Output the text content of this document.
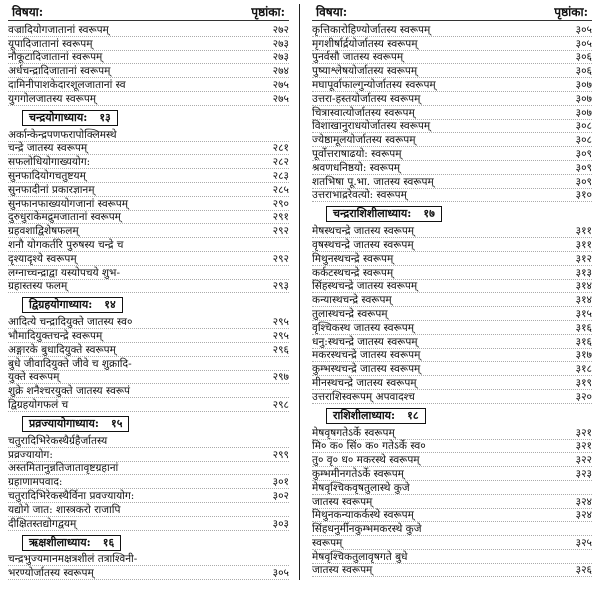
विषया:	पृष्ठांका:
वज्रादियोगजातानां स्वरूपम्	२७२
यूपादिजातानां स्वरूपम्	२७३
नौकूटादिजातानां स्वरूपम्	२७३
अर्धचन्द्रादिजातानां स्वरूपम्	२७४
दामिनीपाशकेदारशूलजातानां स्व	२७५
युगगोलजातस्य स्वरूपम्	२७५
चन्द्रयोगाध्याय: १३
अर्कान्केन्द्रपणफरापोक्लिमस्थे
चन्द्रे जातस्य स्वरूपम्	२८१
सफलोधियोगाख्ययोग:	२८२
सुनफादियोगचतुष्टयम्	२८३
सुनफादीनां प्रकारज्ञानम्	२८५
सुनफानफाख्ययोगजानां स्वरूपम्	२९०
दुरुधुराकेमद्रुमजातानां स्वरूपम्	२९१
ग्रहवशाद्विशेषफलम्	२९२
शनौ योगकर्तरि पुरुषस्य चन्द्रे च
दृश्यादृश्ये स्वरूपम्	२९२
लग्नाच्चन्द्राद्वा यस्योपचये शुभ-
ग्रहास्तस्य फलम्	२९३
द्विग्रहयोगाध्याय: १४
आदित्ये चन्द्रादियुक्ते जातस्य स्व०	२९५
भौमादियुक्तचन्द्रे स्वरूपम्	२९५
अङ्गारके बुधादियुक्ते स्वरूपम्	२९६
बुधे जीवादियुक्ते जीवे च शुक्रादि-
युक्ते स्वरूपम्	२९७
शुक्रे शनैश्चरयुक्ते जातस्य स्वरूपं
द्विग्रहयोगफलं च	२९८
प्रव्रज्यायोगाध्याय: १५
चतुरादिभिरेकस्थैर्ग्रहैर्जातस्य
प्रव्रज्यायोग:	२९९
अस्तमितानुन्नतिजातावृष्टग्रहानां
ग्रहाणामपवाद:	३०१
चतुरादिभिरेकस्थैर्विना प्रवज्यायोग:	३०२
यद्योगे जात: शास्त्रकरो राजापि
दीक्षितस्तद्योगद्वयम्	३०३
ऋक्षशीलाध्याय: १६
चन्द्रभुज्यमानमक्षत्रशीलं तत्राश्विनी-
भरण्योर्जातस्य स्वरूपम्	३०५
विषया:	पृष्ठांका:
कृत्तिकारोहिण्योर्जातस्य स्वरूपम्	३०५
मृगशीर्षार्द्रयोर्जातस्य स्वरूपम्	३०५
पुनर्वसौ जातस्य स्वरूपम्	३०६
पुष्याश्लेषयोर्जातस्य स्वरूपम्	३०६
मघापूर्वाफाल्गुन्योर्जातस्य स्वरूपम्	३०७
उत्तरा-हस्तयोर्जातस्य स्वरूपम्	३०७
चित्रास्वात्योर्जातस्य स्वरूपम्	३०७
विशाखानुराधयोर्जातस्य स्वरूपम्	३०८
ज्येष्ठामूलयोर्जातस्य स्वरूपम्	३०८
पूर्वोत्तराषाढयो: स्वरूपम्	३०९
श्रवणधनिष्ठयो: स्वरूपम्	३०९
शतभिषा पू.भा. जातस्य स्वरूपम्	३०९
उत्तराभाद्ररेवत्यो: स्वरूपम्	३१०
चन्द्रराशिशीलाध्याय: १७
मेषस्थचन्द्रे जातस्य स्वरूपम्	३११
वृषस्थचन्द्रे जातस्य स्वरूपम्	३११
मिथुनस्थचन्द्रे स्वरूपम्	३१२
कर्कटस्थचन्द्रे स्वरूपम्	३१३
सिंहस्थचन्द्रे जातस्य स्वरूपम्	३१४
कन्यास्थचन्द्रे स्वरूपम्	३१४
तुलास्थचन्द्रे स्वरूपम्	३१५
वृश्चिकस्थ जातस्य स्वरूपम्	३१६
धनु:स्थचन्द्रे जातस्य स्वरूपम्	३१६
मकरस्थचन्द्रे जातस्य स्वरूपम्	३१७
कुम्भस्थचन्द्रे जातस्य स्वरूपम्	३१८
मीनस्थचन्द्रे जातस्य स्वरूपम्	३१९
उत्तराशिस्वरूपम् अपवादश्च	३२०
राशिशीलाध्याय: १८
मेषवृषगतेऽर्के स्वरूपम्	३२१
मि० क० सिं० क० गतेऽर्के स्व०	३२१
तु० वृ० ध० मकरस्थे स्वरूपम्	३२२
कुम्भमीनगतेऽर्के स्वरूपम्	३२३
मेषवृश्चिकवृषतुलास्थे कुजे
जातस्य स्वरूपम्	३२४
मिथुनकन्याकर्कस्थे स्वरूपम्	३२४
सिंहधनुर्मीनकुम्भमकरस्थे कुजे
स्वरूपम्	३२५
मेषवृश्चिकतुलावृषगते बुधे
जातस्य स्वरूपम्	३२६
